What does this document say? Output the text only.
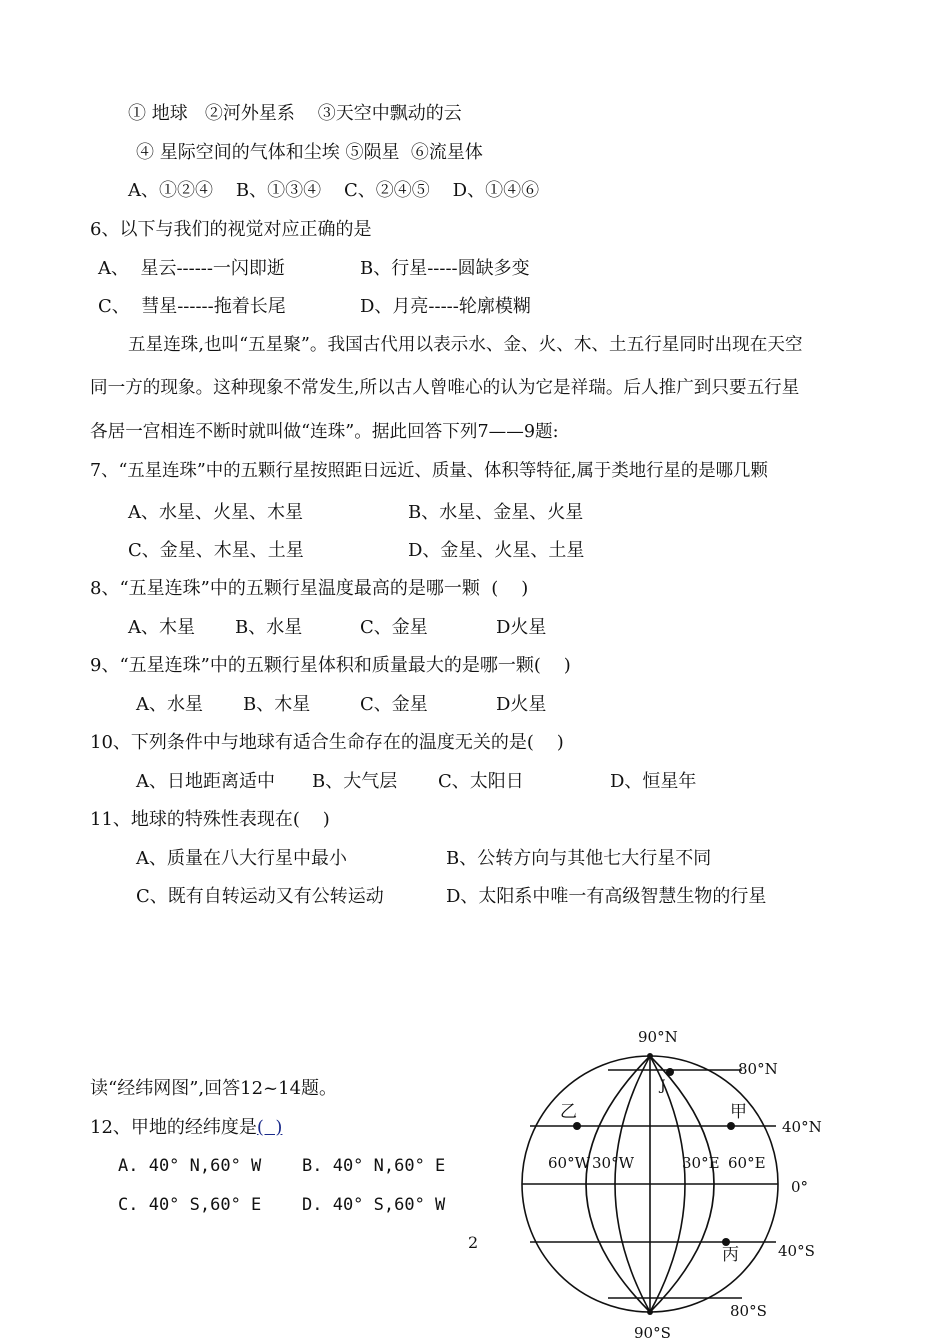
① 地球   ②河外星系    ③天空中飘动的云
④ 星际空间的气体和尘埃 ⑤陨星  ⑥流星体
A、①②④    B、①③④    C、②④⑤    D、①④⑥
6、以下与我们的视觉对应正确的是
A、  星云------一闪即逝	B、行星-----圆缺多变
C、  彗星------拖着长尾	D、月亮-----轮廓模糊
五星连珠,也叫“五星聚”。我国古代用以表示水、金、火、木、土五行星同时出现在天空
同一方的现象。这种现象不常发生,所以古人曾唯心的认为它是祥瑞。后人推广到只要五行星
各居一宫相连不断时就叫做“连珠”。据此回答下列7——9题:
7、“五星连珠”中的五颗行星按照距日远近、质量、体积等特征,属于类地行星的是哪几颗
A、水星、火星、木星	B、水星、金星、火星
C、金星、木星、土星	D、金星、火星、土星
8、“五星连珠”中的五颗行星温度最高的是哪一颗  (    )
A、木星 B、水星	C、金星	D火星
9、“五星连珠”中的五颗行星体积和质量最大的是哪一颗(    )
A、水星 B、木星	C、金星	D火星
10、下列条件中与地球有适合生命存在的温度无关的是(    )
A、日地距离适中 B、大气层 C、太阳日	D、恒星年
11、地球的特殊性表现在(    )
A、质量在八大行星中最小	B、公转方向与其他七大行星不同
C、既有自转运动又有公转运动	D、太阳系中唯一有高级智慧生物的行星
读“经纬网图”,回答12~14题。
12、甲地的经纬度是(  )
A. 40° N,60° W B. 40° N,60° E
C. 40° S,60° E D. 40° S,60° W
2
90°N
90°S
80°N
40°N
0°
40°S
80°S
60°W 30°W	30°E 60°E
乙	甲
丙
J
